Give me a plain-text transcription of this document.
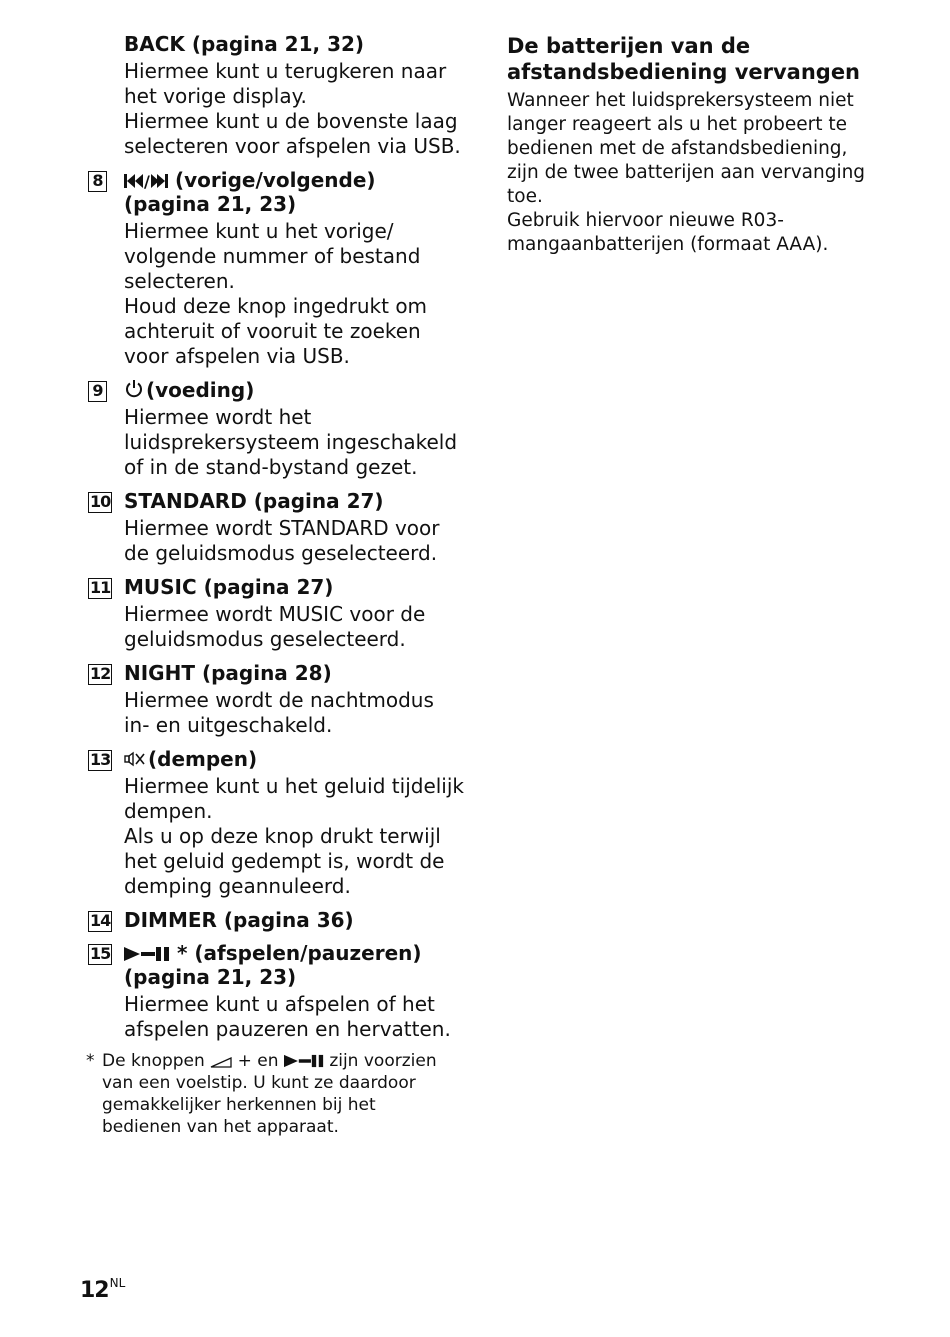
BACK (pagina 21, 32)

Hiermee kunt u terugkeren naar
het vorige display.
Hiermee kunt u de bovenste laag
selecteren voor afspelen via USB.
8	/ (vorige/volgende)
(pagina 21, 23)

Hiermee kunt u het vorige/
volgende nummer of bestand
selecteren.
Houd deze knop ingedrukt om
achteruit of vooruit te zoeken
voor afspelen via USB.
9	(voeding)

Hiermee wordt het
luidsprekersysteem ingeschakeld
of in de stand-bystand gezet.
10 STANDARD (pagina 27)

Hiermee wordt STANDARD voor
de geluidsmodus geselecteerd.
11 MUSIC (pagina 27)

Hiermee wordt MUSIC voor de
geluidsmodus geselecteerd.
12 NIGHT (pagina 28)

Hiermee wordt de nachtmodus
in- en uitgeschakeld.
13	(dempen)

Hiermee kunt u het geluid tijdelijk
dempen.
Als u op deze knop drukt terwijl
het geluid gedempt is, wordt de
demping geannuleerd.
14 DIMMER (pagina 36)

15	* (afspelen/pauzeren)
(pagina 21, 23)

Hiermee kunt u afspelen of het
afspelen pauzeren en hervatten.
* De knoppen + en	zijn voorzien
van een voelstip. U kunt ze daardoor
gemakkelijker herkennen bij het
bedienen van het apparaat.
De batterijen van de
afstandsbediening vervangen
Wanneer het luidsprekersysteem niet
langer reageert als u het probeert te
bedienen met de afstandsbediening,
zijn de twee batterijen aan vervanging
toe.
Gebruik hiervoor nieuwe R03-
mangaanbatterijen (formaat AAA).
$12^{NL}$
